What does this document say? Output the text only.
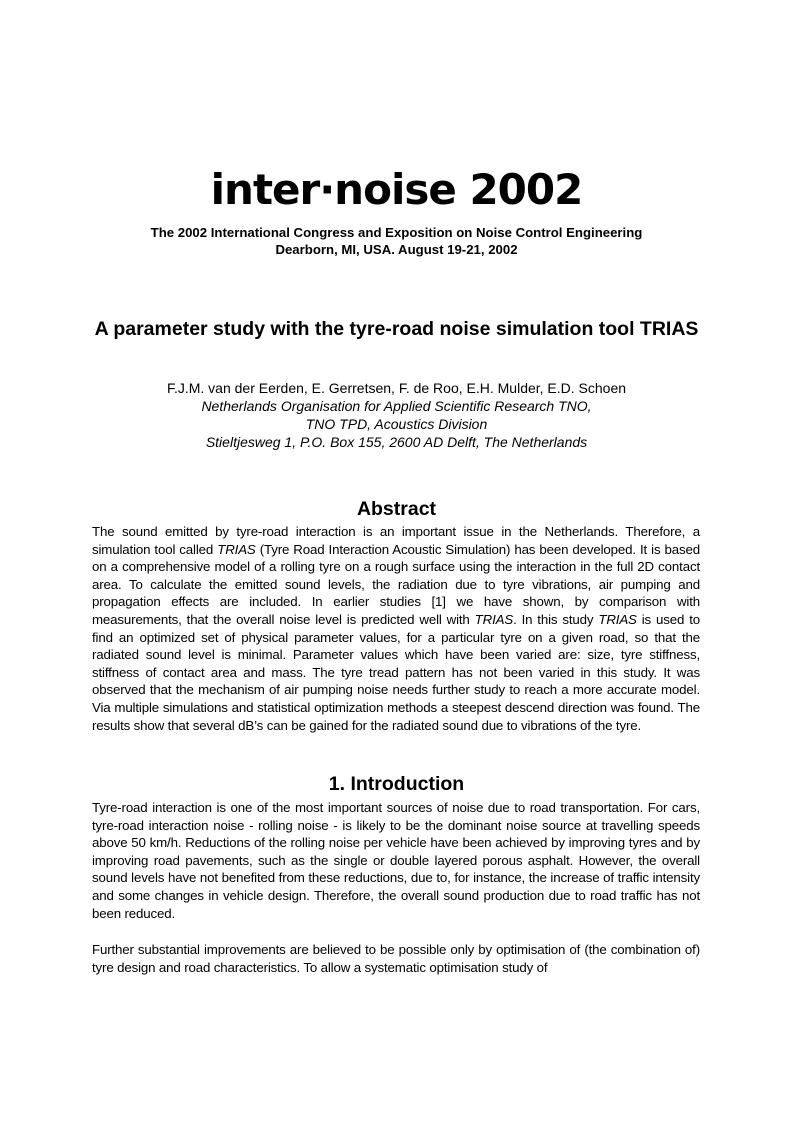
inter·noise 2002
The 2002 International Congress and Exposition on Noise Control Engineering
Dearborn, MI, USA. August 19-21, 2002
A parameter study with the tyre-road noise simulation tool TRIAS
F.J.M. van der Eerden, E. Gerretsen, F. de Roo, E.H. Mulder, E.D. Schoen
Netherlands Organisation for Applied Scientific Research TNO,
TNO TPD, Acoustics Division
Stieltjesweg 1, P.O. Box 155, 2600 AD Delft, The Netherlands
Abstract
The sound emitted by tyre-road interaction is an important issue in the Netherlands. Therefore, a simulation tool called TRIAS (Tyre Road Interaction Acoustic Simulation) has been developed. It is based on a comprehensive model of a rolling tyre on a rough surface using the interaction in the full 2D contact area. To calculate the emitted sound levels, the radiation due to tyre vibrations, air pumping and propagation effects are included. In earlier studies [1] we have shown, by comparison with measurements, that the overall noise level is predicted well with TRIAS. In this study TRIAS is used to find an optimized set of physical parameter values, for a particular tyre on a given road, so that the radiated sound level is minimal. Parameter values which have been varied are: size, tyre stiffness, stiffness of contact area and mass. The tyre tread pattern has not been varied in this study. It was observed that the mechanism of air pumping noise needs further study to reach a more accurate model. Via multiple simulations and statistical optimization methods a steepest descend direction was found. The results show that several dB’s can be gained for the radiated sound due to vibrations of the tyre.
1. Introduction
Tyre-road interaction is one of the most important sources of noise due to road transportation. For cars, tyre-road interaction noise - rolling noise - is likely to be the dominant noise source at travelling speeds above 50 km/h. Reductions of the rolling noise per vehicle have been achieved by improving tyres and by improving road pavements, such as the single or double layered porous asphalt. However, the overall sound levels have not benefited from these reductions, due to, for instance, the increase of traffic intensity and some changes in vehicle design. Therefore, the overall sound production due to road traffic has not been reduced.
Further substantial improvements are believed to be possible only by optimisation of (the combination of) tyre design and road characteristics. To allow a systematic optimisation study of
